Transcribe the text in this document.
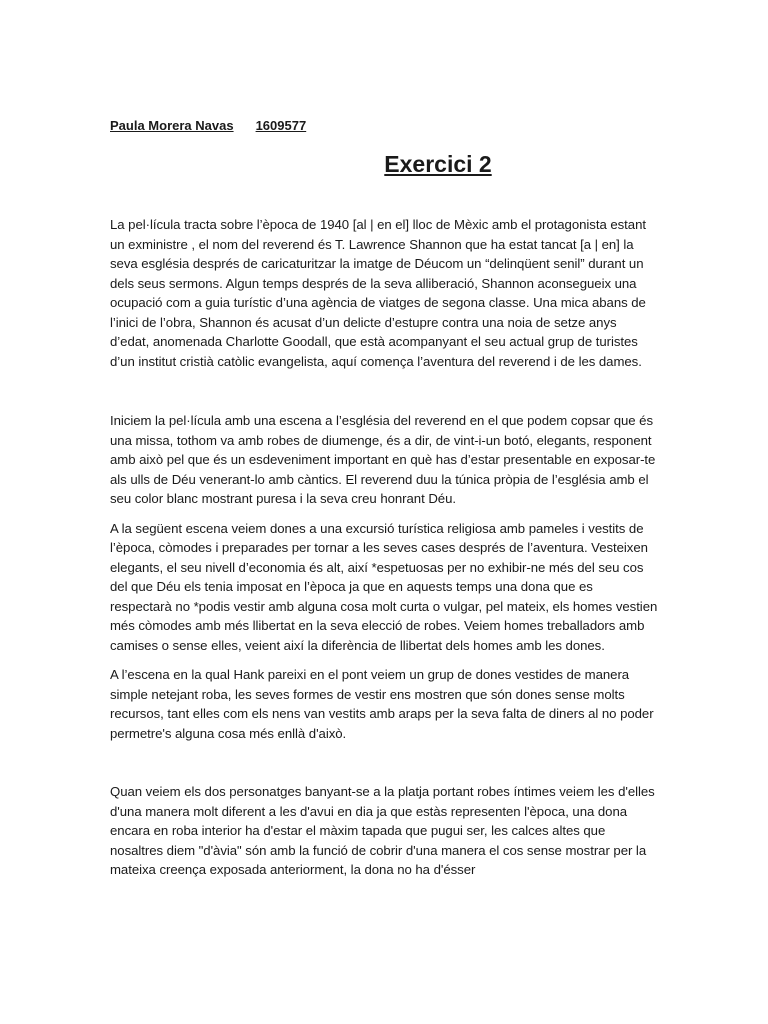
Paula Morera Navas 1609577
Exercici 2

La pel·lícula tracta sobre l’època de 1940 [al | en el] lloc de Mèxic amb el protagonista estant un exministre , el nom del reverend és T. Lawrence Shannon que ha estat tancat [a | en] la seva església després de caricaturitzar la imatge de Déucom un “delinqüent senil” durant un dels seus sermons. Algun temps després de la seva alliberació, Shannon aconsegueix una ocupació com a guia turístic d’una agència de viatges de segona classe. Una mica abans de l’inici de l’obra, Shannon és acusat d’un delicte d’estupre contra una noia de setze anys d’edat, anomenada Charlotte Goodall, que està acompanyant el seu actual grup de turistes d’un institut cristià catòlic evangelista, aquí comença l’aventura del reverend i de les dames.

Iniciem la pel·lícula amb una escena a l’església del reverend en el que podem copsar que és una missa, tothom va amb robes de diumenge, és a dir, de vint-i-un botó, elegants, responent amb això pel que és un esdeveniment important en què has d’estar presentable en exposar-te als ulls de Déu venerant-lo amb càntics. El reverend duu la túnica pròpia de l’església amb el seu color blanc mostrant puresa i la seva creu honrant Déu.

A la següent escena veiem dones a una excursió turística religiosa amb pameles i vestits de l’època, còmodes i preparades per tornar a les seves cases després de l’aventura. Vesteixen elegants, el seu nivell d’economia és alt, així *espetuosas per no exhibir-ne més del seu cos del que Déu els tenia imposat en l’època ja que en aquests temps una dona que es respectarà no *podis vestir amb alguna cosa molt curta o vulgar, pel mateix, els homes vestien més còmodes amb més llibertat en la seva elecció de robes. Veiem homes treballadors amb camises o sense elles, veient així la diferència de llibertat dels homes amb les dones.

A l’escena en la qual Hank pareixi en el pont veiem un grup de dones vestides de manera simple netejant roba, les seves formes de vestir ens mostren que són dones sense molts recursos, tant elles com els nens van vestits amb araps per la seva falta de diners al no poder permetre's alguna cosa més enllà d'això.

Quan veiem els dos personatges banyant-se a la platja portant robes íntimes veiem les d'elles d'una manera molt diferent a les d'avui en dia ja que estàs representen l'època, una dona encara en roba interior ha d'estar el màxim tapada que pugui ser, les calces altes que nosaltres diem "d'àvia" són amb la funció de cobrir d'una manera el cos sense mostrar per la mateixa creença exposada anteriorment, la dona no ha d'ésser
